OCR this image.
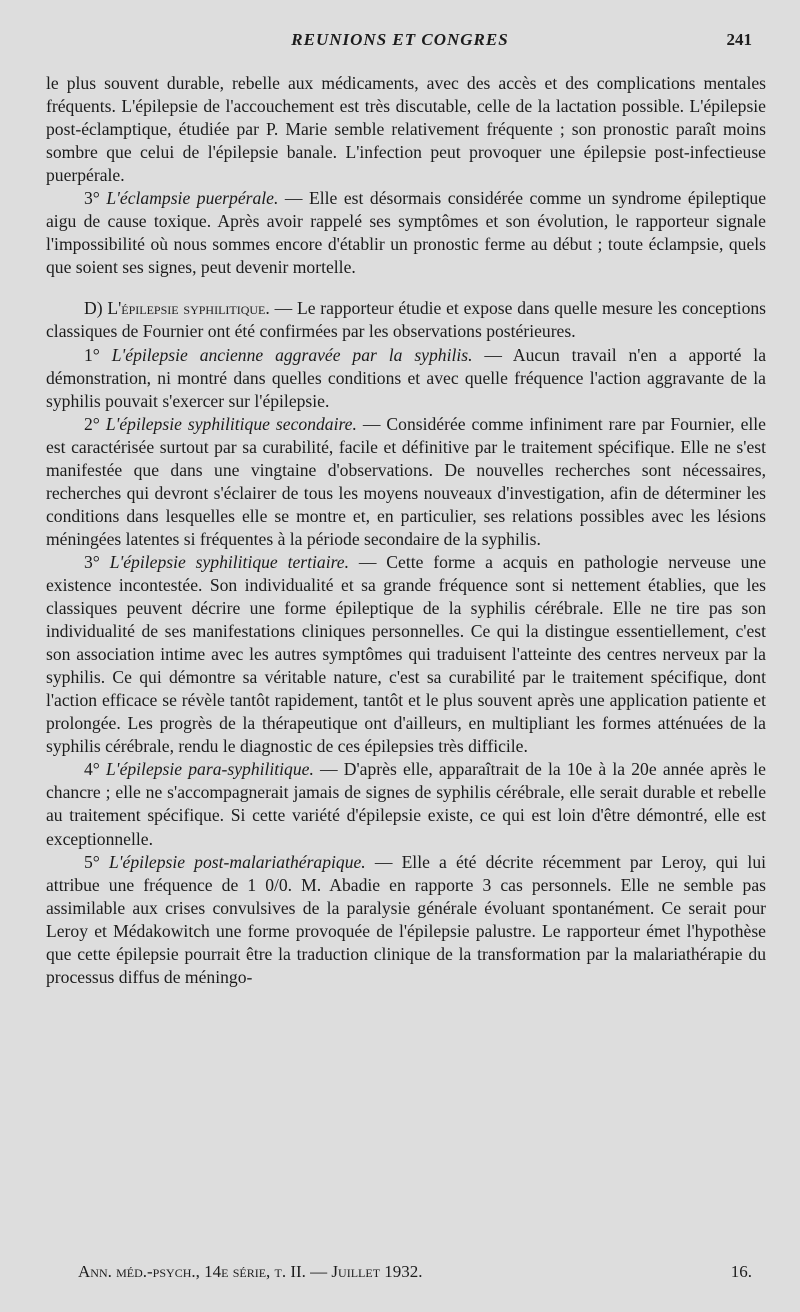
REUNIONS ET CONGRES	241

le plus souvent durable, rebelle aux médicaments, avec des accès et des complications mentales fréquents. L'épilepsie de l'accouchement est très discutable, celle de la lactation possible. L'épilepsie post-éclamptique, étudiée par P. Marie semble relativement fréquente ; son pronostic paraît moins sombre que celui de l'épilepsie banale. L'infection peut provoquer une épilepsie post-infectieuse puerpérale.

3° L'éclampsie puerpérale. — Elle est désormais considérée comme un syndrome épileptique aigu de cause toxique. Après avoir rappelé ses symptômes et son évolution, le rapporteur signale l'impossibilité où nous sommes encore d'établir un pronostic ferme au début ; toute éclampsie, quels que soient ses signes, peut devenir mortelle.

D) L'épilepsie syphilitique. — Le rapporteur étudie et expose dans quelle mesure les conceptions classiques de Fournier ont été confirmées par les observations postérieures.

1° L'épilepsie ancienne aggravée par la syphilis. — Aucun travail n'en a apporté la démonstration, ni montré dans quelles conditions et avec quelle fréquence l'action aggravante de la syphilis pouvait s'exercer sur l'épilepsie.

2° L'épilepsie syphilitique secondaire. — Considérée comme infiniment rare par Fournier, elle est caractérisée surtout par sa curabilité, facile et définitive par le traitement spécifique. Elle ne s'est manifestée que dans une vingtaine d'observations. De nouvelles recherches sont nécessaires, recherches qui devront s'éclairer de tous les moyens nouveaux d'investigation, afin de déterminer les conditions dans lesquelles elle se montre et, en particulier, ses relations possibles avec les lésions méningées latentes si fréquentes à la période secondaire de la syphilis.

3° L'épilepsie syphilitique tertiaire. — Cette forme a acquis en pathologie nerveuse une existence incontestée. Son individualité et sa grande fréquence sont si nettement établies, que les classiques peuvent décrire une forme épileptique de la syphilis cérébrale. Elle ne tire pas son individualité de ses manifestations cliniques personnelles. Ce qui la distingue essentiellement, c'est son association intime avec les autres symptômes qui traduisent l'atteinte des centres nerveux par la syphilis. Ce qui démontre sa véritable nature, c'est sa curabilité par le traitement spécifique, dont l'action efficace se révèle tantôt rapidement, tantôt et le plus souvent après une application patiente et prolongée. Les progrès de la thérapeutique ont d'ailleurs, en multipliant les formes atténuées de la syphilis cérébrale, rendu le diagnostic de ces épilepsies très difficile.

4° L'épilepsie para-syphilitique. — D'après elle, apparaîtrait de la 10e à la 20e année après le chancre ; elle ne s'accompagnerait jamais de signes de syphilis cérébrale, elle serait durable et rebelle au traitement spécifique. Si cette variété d'épilepsie existe, ce qui est loin d'être démontré, elle est exceptionnelle.

5° L'épilepsie post-malariathérapique. — Elle a été décrite récemment par Leroy, qui lui attribue une fréquence de 1 0/0. M. Abadie en rapporte 3 cas personnels. Elle ne semble pas assimilable aux crises convulsives de la paralysie générale évoluant spontanément. Ce serait pour Leroy et Médakowitch une forme provoquée de l'épilepsie palustre. Le rapporteur émet l'hypothèse que cette épilepsie pourrait être la traduction clinique de la transformation par la malariathérapie du processus diffus de méningo-

Ann. méd.-psych., 14e série, t. II. — Juillet 1932.	16.
